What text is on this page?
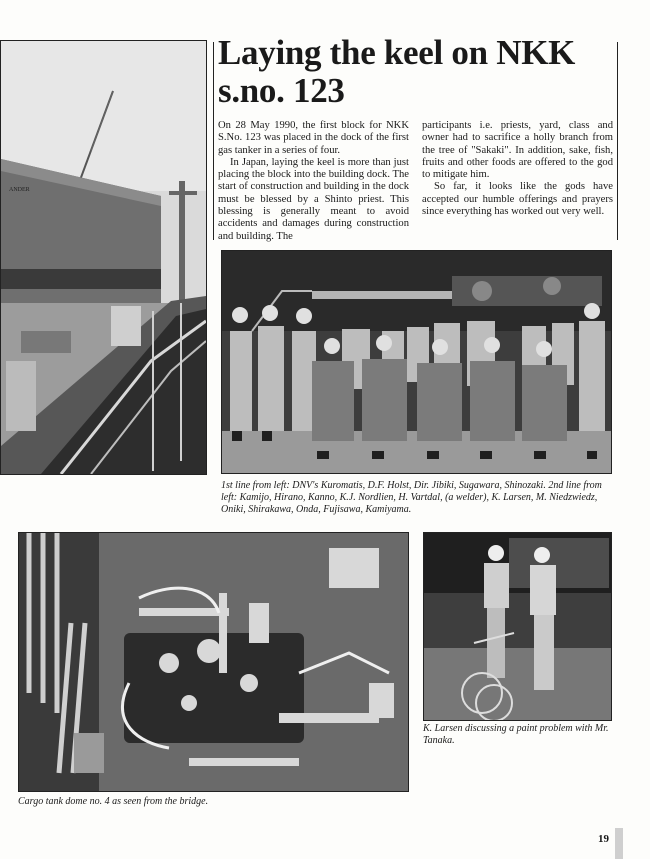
ANDER
Laying the keel on NKK s.no. 123

On 28 May 1990, the first block for NKK S.No. 123 was placed in the dock of the first gas tanker in a series of four.

In Japan, laying the keel is more than just placing the block into the building dock. The start of construction and building in the dock must be blessed by a Shinto priest. This blessing is generally meant to avoid accidents and damages during construction and building. The

participants i.e. priests, yard, class and owner had to sacrifice a holly branch from the tree of "Sakaki". In addition, sake, fish, fruits and other foods are offered to the god to mitigate him.

So far, it looks like the gods have accepted our humble offerings and prayers since everything has worked out very well.

1st line from left: DNV's Kuromatis, D.F. Holst, Dir. Jibiki, Sugawara, Shinozaki. 2nd line from left: Kamijo, Hirano, Kanno, K.J. Nordlien, H. Vartdal, (a welder), K. Larsen, M. Niedzwiedz, Oniki, Shirakawa, Onda, Fujisawa, Kamiyama.
Cargo tank dome no. 4 as seen from the bridge.
K. Larsen discussing a paint problem with Mr. Tanaka.
19
